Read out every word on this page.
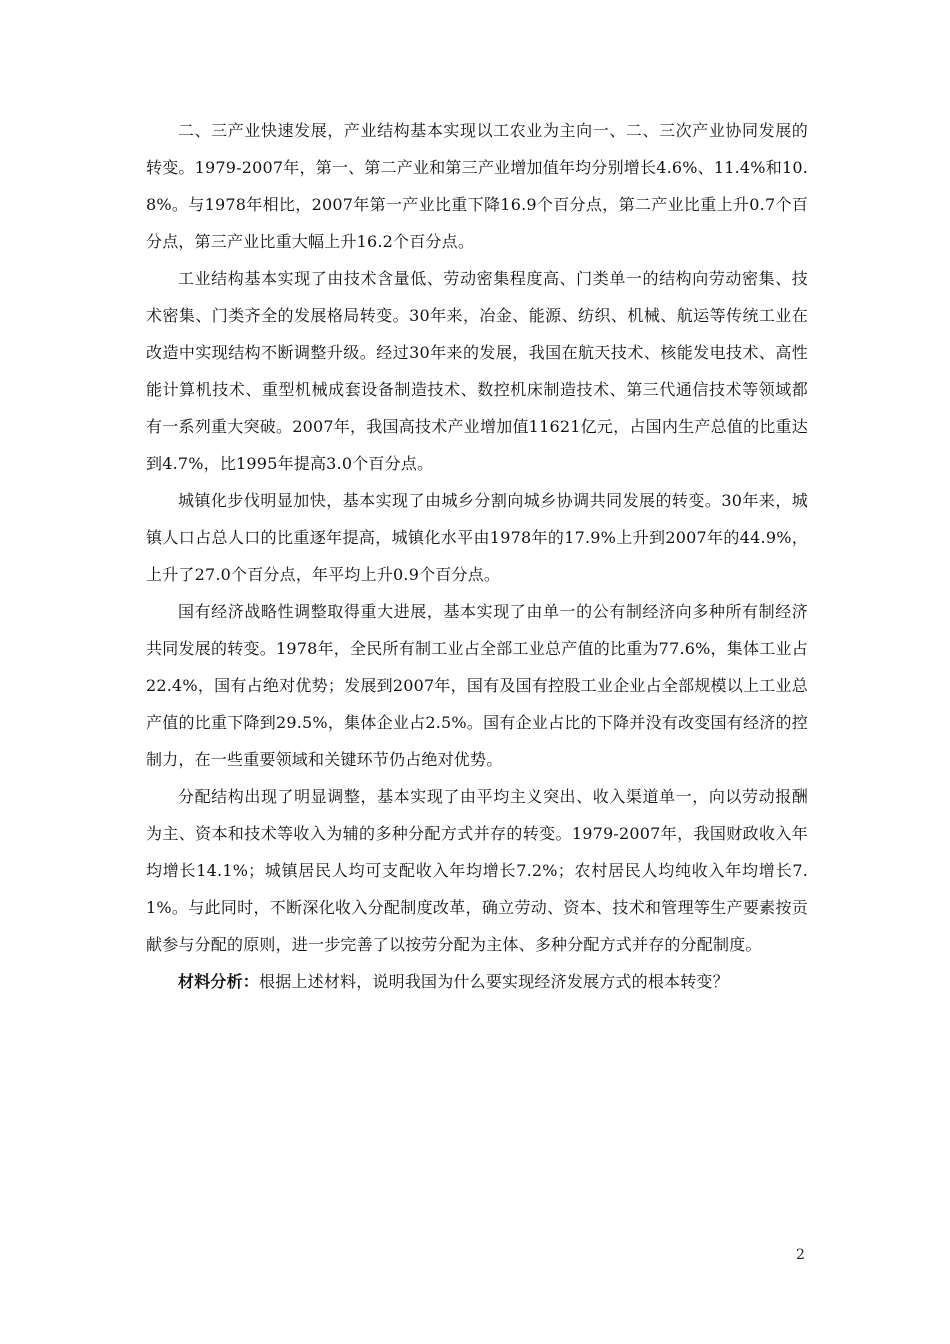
二、三产业快速发展，产业结构基本实现以工农业为主向一、二、三次产业协同发展的转变。1979-2007年，第一、第二产业和第三产业增加值年均分别增长4.6%、11.4%和10.8%。与1978年相比，2007年第一产业比重下降16.9个百分点，第二产业比重上升0.7个百分点，第三产业比重大幅上升16.2个百分点。

工业结构基本实现了由技术含量低、劳动密集程度高、门类单一的结构向劳动密集、技术密集、门类齐全的发展格局转变。30年来，冶金、能源、纺织、机械、航运等传统工业在改造中实现结构不断调整升级。经过30年来的发展，我国在航天技术、核能发电技术、高性能计算机技术、重型机械成套设备制造技术、数控机床制造技术、第三代通信技术等领域都有一系列重大突破。2007年，我国高技术产业增加值11621亿元，占国内生产总值的比重达到4.7%，比1995年提高3.0个百分点。

城镇化步伐明显加快，基本实现了由城乡分割向城乡协调共同发展的转变。30年来，城镇人口占总人口的比重逐年提高，城镇化水平由1978年的17.9%上升到2007年的44.9%，上升了27.0个百分点，年平均上升0.9个百分点。

国有经济战略性调整取得重大进展，基本实现了由单一的公有制经济向多种所有制经济共同发展的转变。1978年，全民所有制工业占全部工业总产值的比重为77.6%，集体工业占22.4%，国有占绝对优势；发展到2007年，国有及国有控股工业企业占全部规模以上工业总产值的比重下降到29.5%，集体企业占2.5%。国有企业占比的下降并没有改变国有经济的控制力，在一些重要领域和关键环节仍占绝对优势。

分配结构出现了明显调整，基本实现了由平均主义突出、收入渠道单一，向以劳动报酬为主、资本和技术等收入为辅的多种分配方式并存的转变。1979-2007年，我国财政收入年均增长14.1%；城镇居民人均可支配收入年均增长7.2%；农村居民人均纯收入年均增长7.1%。与此同时，不断深化收入分配制度改革，确立劳动、资本、技术和管理等生产要素按贡献参与分配的原则，进一步完善了以按劳分配为主体、多种分配方式并存的分配制度。

材料分析：根据上述材料，说明我国为什么要实现经济发展方式的根本转变？

2
